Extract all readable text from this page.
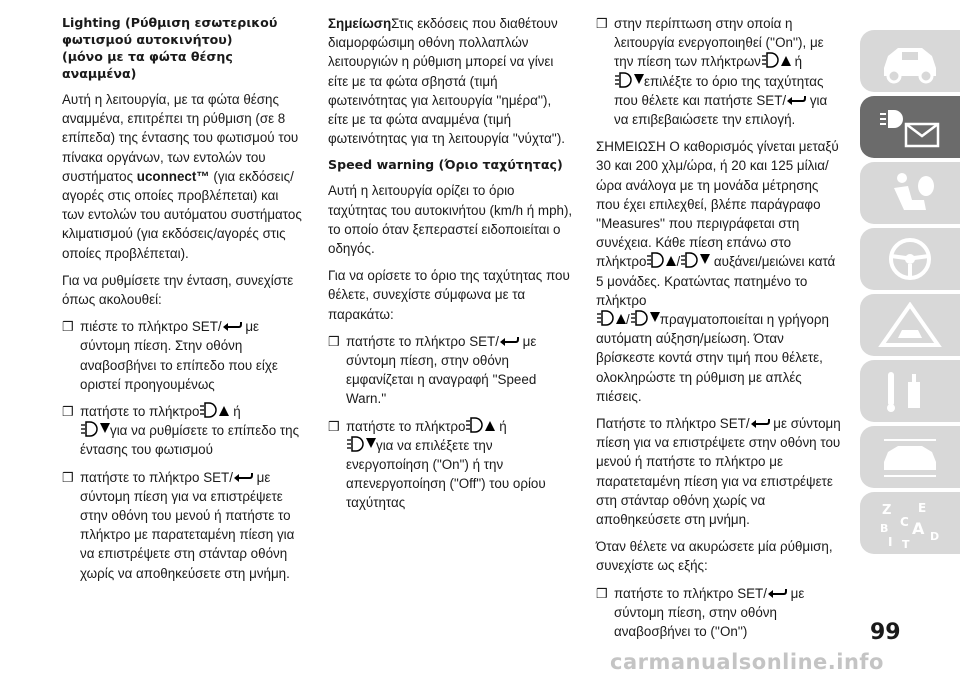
Lighting (Ρύθμιση εσωτερικού
φωτισμού αυτοκινήτου)
(μόνο με τα φώτα θέσης αναμμένα)

Αυτή η λειτουργία, με τα φώτα θέσης αναμμένα, επιτρέπει τη ρύθμιση (σε 8 επίπεδα) της έντασης του φωτισμού του πίνακα οργάνων, των εντολών του συστήματος uconnect™ (για εκδόσεις/αγορές στις οποίες προβλέπεται) και των εντολών του αυτόματου συστήματος κλιματισμού (για εκδόσεις/αγορές στις οποίες προβλέπεται).

Για να ρυθμίσετε την ένταση, συνεχίστε όπως ακολουθεί:

❒ πιέστε το πλήκτρο SET/ με
σύντομη πίεση. Στην οθόνη αναβοσβήνει το επίπεδο που είχε οριστεί προηγουμένως
❒ πατήστε το πλήκτρο ή
για να ρυθμίσετε το επίπεδο της έντασης του φωτισμού
❒ πατήστε το πλήκτρο SET/ με
σύντομη πίεση για να επιστρέψετε στην οθόνη του μενού ή πατήστε το πλήκτρο με παρατεταμένη πίεση για να επιστρέψετε στη στάνταρ οθόνη χωρίς να αποθηκεύσετε στη μνήμη.

ΣημείωσηΣτις εκδόσεις που διαθέτουν διαμορφώσιμη οθόνη πολλαπλών λειτουργιών η ρύθμιση μπορεί να γίνει είτε με τα φώτα σβηστά (τιμή φωτεινότητας για λειτουργία ''ημέρα''), είτε με τα φώτα αναμμένα (τιμή φωτεινότητας για τη λειτουργία ''νύχτα'').

Speed warning (Όριο ταχύτητας)

Αυτή η λειτουργία ορίζει το όριο ταχύτητας του αυτοκινήτου (km/h ή mph), το οποίο όταν ξεπεραστεί ειδοποιείται ο οδηγός.

Για να ορίσετε το όριο της ταχύτητας που θέλετε, συνεχίστε σύμφωνα με τα παρακάτω:

❒ πατήστε το πλήκτρο SET/ με
σύντομη πίεση, στην οθόνη εμφανίζεται η αναγραφή ''Speed Warn.''
❒ πατήστε το πλήκτρο ή
για να επιλέξετε την ενεργοποίηση ("On") ή την απενεργοποίηση ("Off") του ορίου ταχύτητας
❒ στην περίπτωση στην οποία η λειτουργία ενεργοποιηθεί (''On''), με την πίεση των πλήκτρων ή
επιλέξτε το όριο της ταχύτητας που θέλετε και πατήστε SET/ για να επιβεβαιώσετε την επιλογή.

ΣΗΜΕΙΩΣΗ Ο καθορισμός γίνεται μεταξύ 30 και 200 χλμ/ώρα, ή 20 και 125 μίλια/ώρα ανάλογα με τη μονάδα μέτρησης που έχει επιλεχθεί, βλέπε παράγραφο ''Measures'' που περιγράφεται στη συνέχεια. Κάθε πίεση επάνω στο πλήκτρο /	αυξάνει/μειώνει κατά 5 μονάδες. Κρατώντας πατημένο το πλήκτρο
/ πραγματοποιείται η γρήγορη αυτόματη αύξηση/μείωση. Όταν βρίσκεστε κοντά στην τιμή που θέλετε, ολοκληρώστε τη ρύθμιση με απλές πιέσεις.

Πατήστε το πλήκτρο SET/ με σύντομη πίεση για να επιστρέψετε στην οθόνη του μενού ή πατήστε το πλήκτρο με παρατεταμένη πίεση για να επιστρέψετε στη στάνταρ οθόνη χωρίς να αποθηκεύσετε στη μνήμη.

Όταν θέλετε να ακυρώσετε μία ρύθμιση, συνεχίστε ως εξής:

❒ πατήστε το πλήκτρο SET/ με
σύντομη πίεση, στην οθόνη αναβοσβήνει το (''On'')
Z E
B C A
I T
D
99
carmanualsonline.info
